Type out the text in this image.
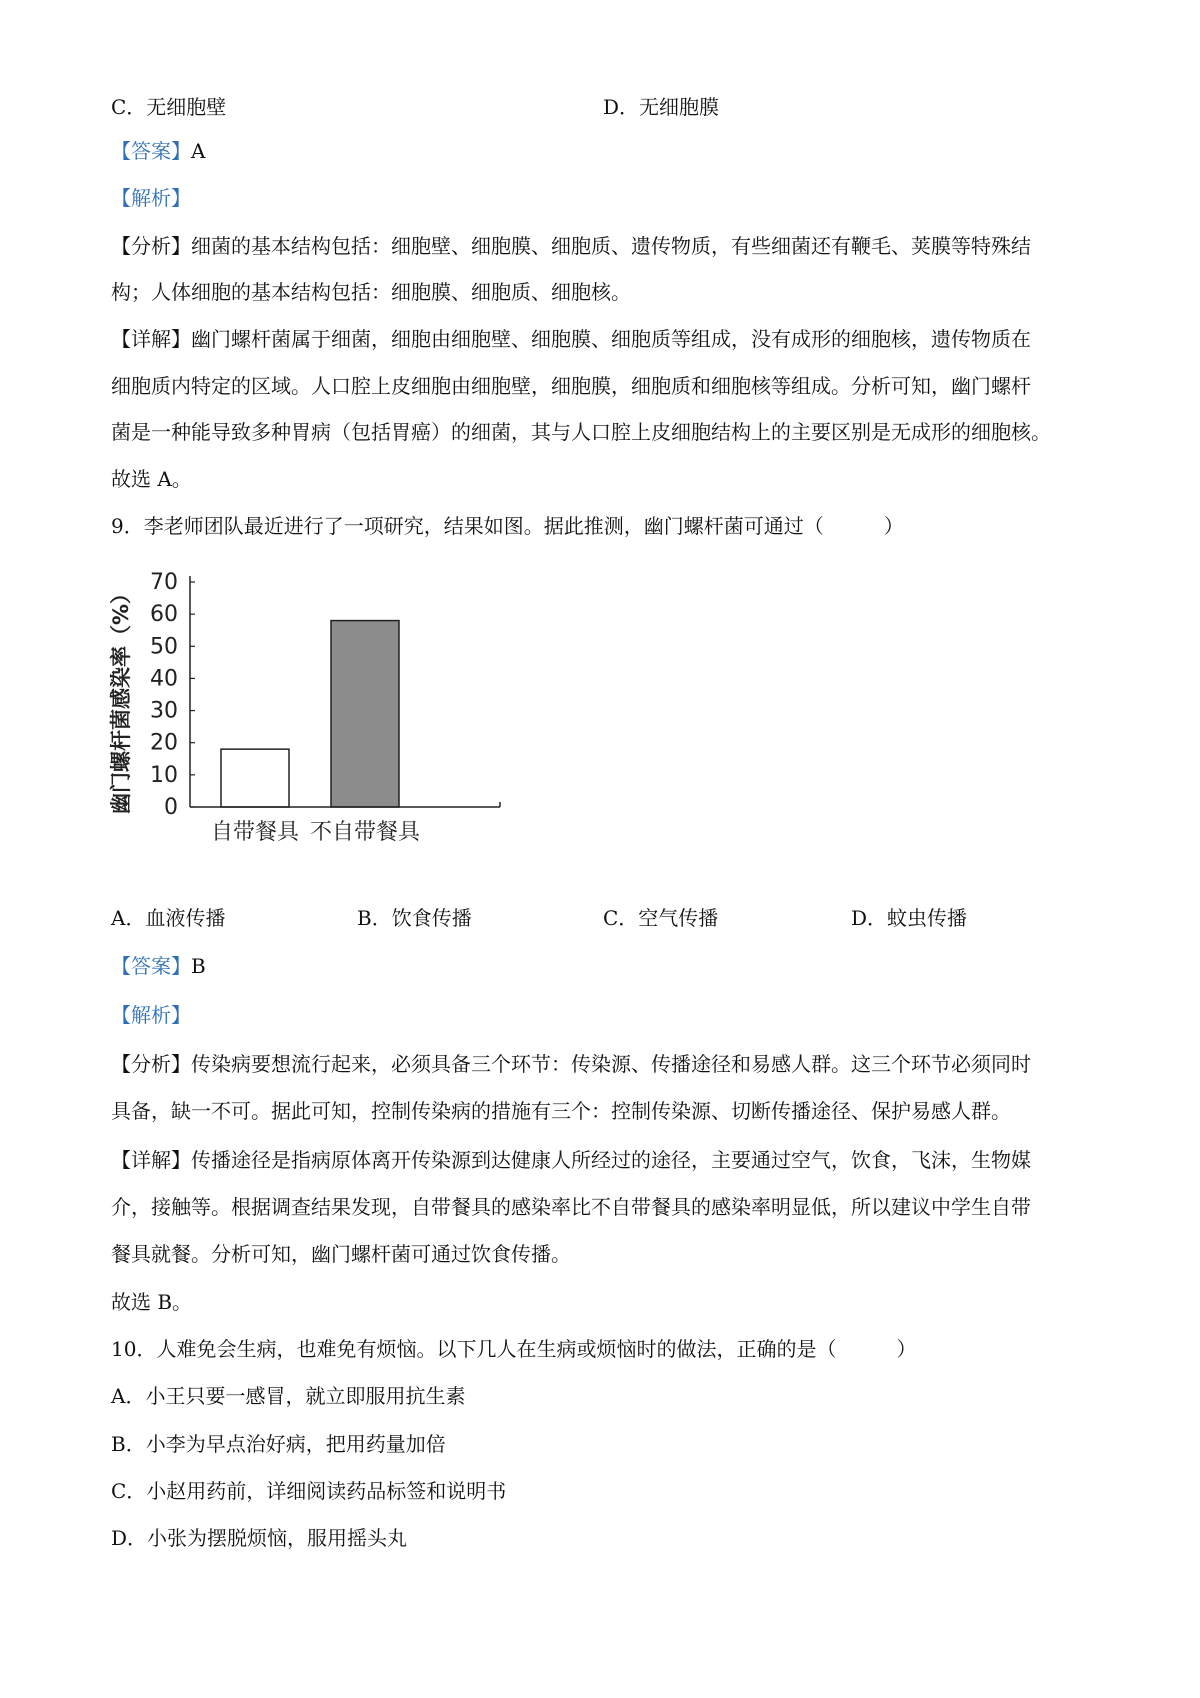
C．无细胞壁	D．无细胞膜
【答案】A
【解析】
【分析】细菌的基本结构包括：细胞壁、细胞膜、细胞质、遗传物质，有些细菌还有鞭毛、荚膜等特殊结
构；人体细胞的基本结构包括：细胞膜、细胞质、细胞核。
【详解】幽门螺杆菌属于细菌，细胞由细胞壁、细胞膜、细胞质等组成，没有成形的细胞核，遗传物质在
细胞质内特定的区域。人口腔上皮细胞由细胞壁，细胞膜，细胞质和细胞核等组成。分析可知，幽门螺杆
菌是一种能导致多种胃病（包括胃癌）的细菌，其与人口腔上皮细胞结构上的主要区别是无成形的细胞核。
故选 A。
9．李老师团队最近进行了一项研究，结果如图。据此推测，幽门螺杆菌可通过（　　　）
幽门螺杆菌感染率（%） 0
10
20
30
40
50
60
70
自带餐具 不自带餐具
A．血液传播	B．饮食传播	C．空气传播	D．蚊虫传播
【答案】B
【解析】
【分析】传染病要想流行起来，必须具备三个环节：传染源、传播途径和易感人群。这三个环节必须同时
具备，缺一不可。据此可知，控制传染病的措施有三个：控制传染源、切断传播途径、保护易感人群。
【详解】传播途径是指病原体离开传染源到达健康人所经过的途径，主要通过空气，饮食，飞沫，生物媒
介，接触等。根据调查结果发现，自带餐具的感染率比不自带餐具的感染率明显低，所以建议中学生自带
餐具就餐。分析可知，幽门螺杆菌可通过饮食传播。
故选 B。
10．人难免会生病，也难免有烦恼。以下几人在生病或烦恼时的做法，正确的是（　　　）
A．小王只要一感冒，就立即服用抗生素
B．小李为早点治好病，把用药量加倍
C．小赵用药前，详细阅读药品标签和说明书
D．小张为摆脱烦恼，服用摇头丸
